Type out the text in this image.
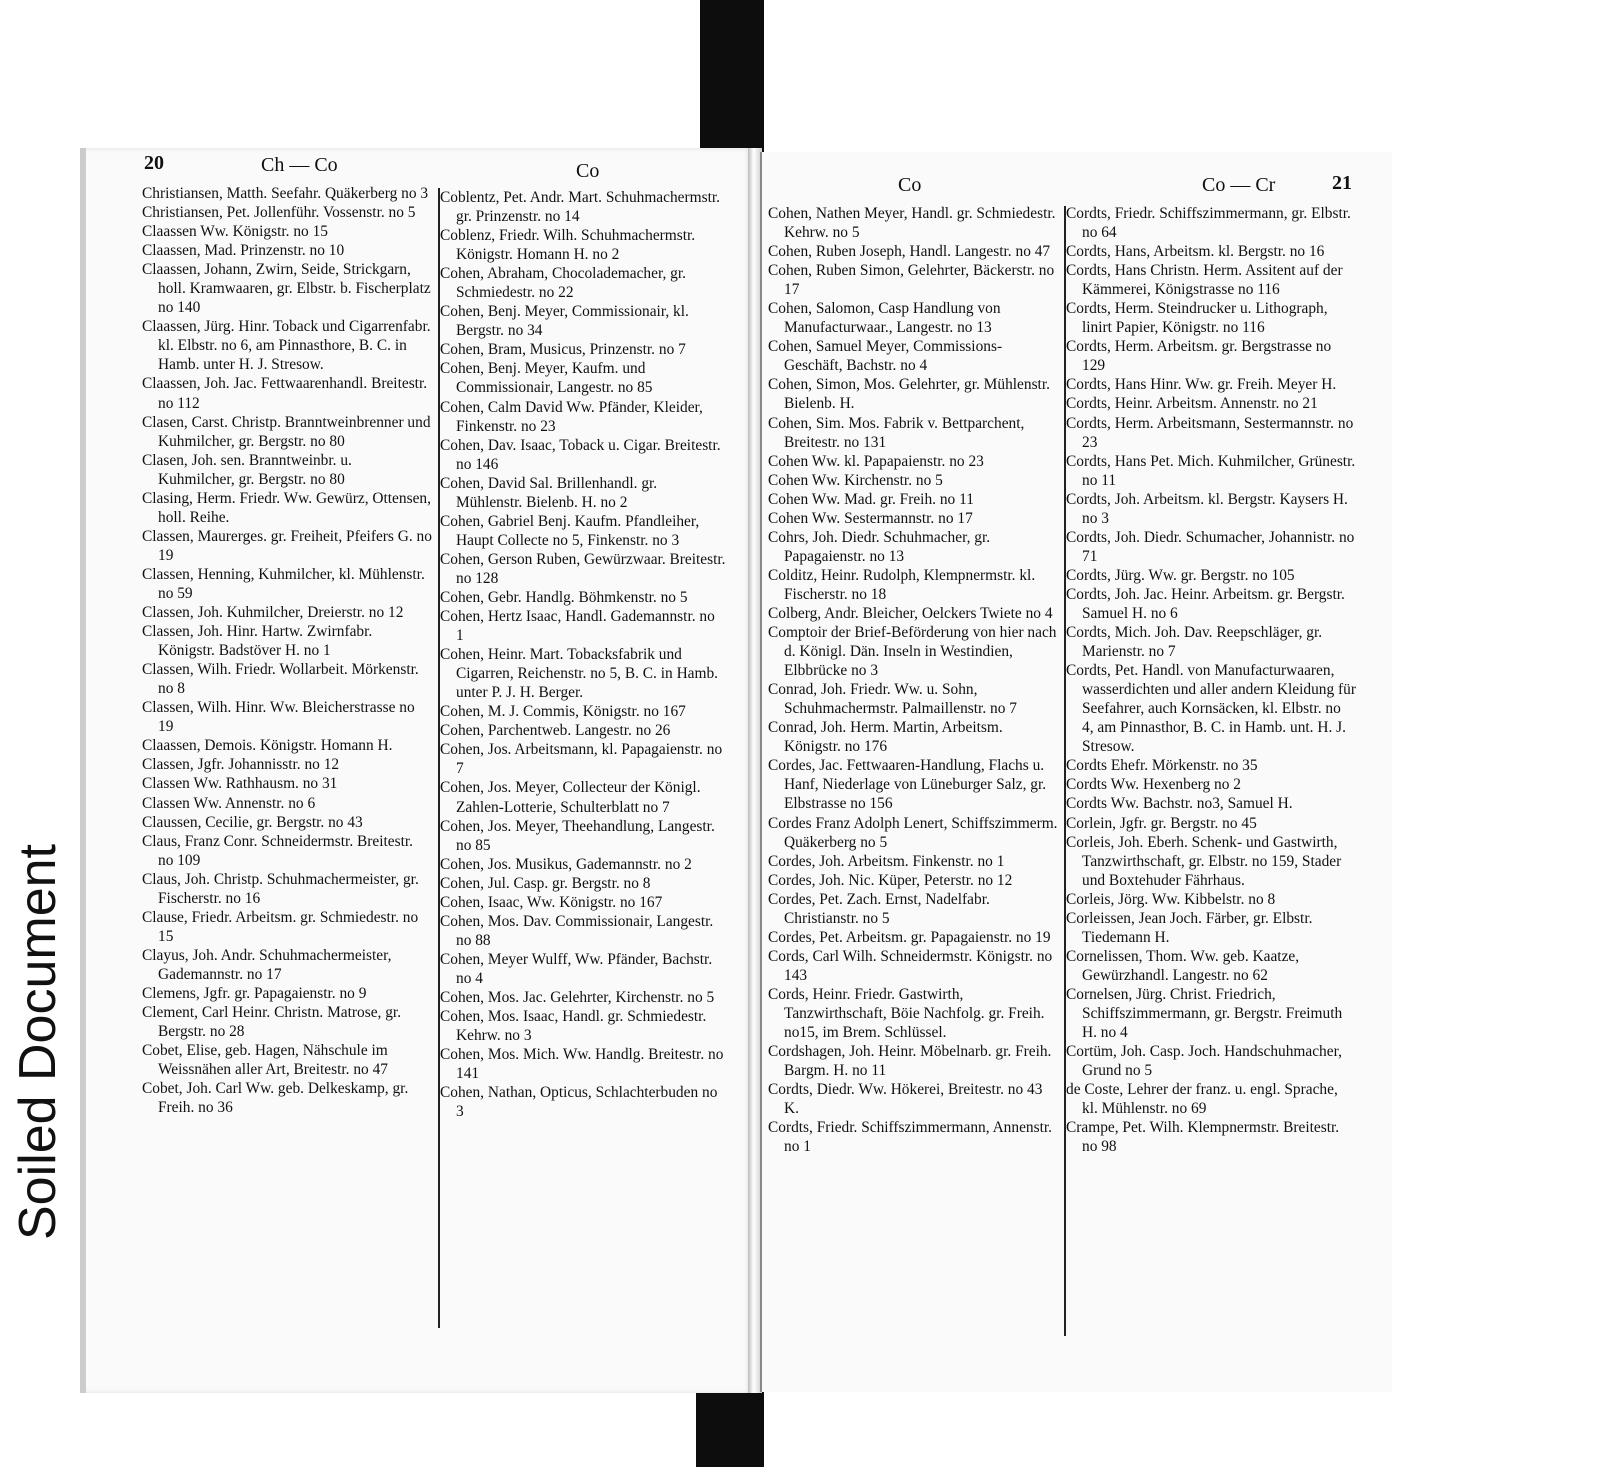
Soiled Document
20	Ch — Co	Co

Christiansen, Matth. Seefahr. Quäkerberg no 3

Christiansen, Pet. Jollenführ. Vossenstr. no 5

Claassen Ww. Königstr. no 15

Claassen, Mad. Prinzenstr. no 10

Claassen, Johann, Zwirn, Seide, Strickgarn, holl. Kramwaaren, gr. Elbstr. b. Fischerplatz no 140

Claassen, Jürg. Hinr. Toback und Cigarrenfabr. kl. Elbstr. no 6, am Pinnasthore, B. C. in Hamb. unter H. J. Stresow.

Claassen, Joh. Jac. Fettwaarenhandl. Breitestr. no 112

Clasen, Carst. Christp. Branntweinbrenner und Kuhmilcher, gr. Bergstr. no 80

Clasen, Joh. sen. Branntweinbr. u. Kuhmilcher, gr. Bergstr. no 80

Clasing, Herm. Friedr. Ww. Gewürz, Ottensen, holl. Reihe.

Classen, Maurerges. gr. Freiheit, Pfeifers G. no 19

Classen, Henning, Kuhmilcher, kl. Mühlenstr. no 59

Classen, Joh. Kuhmilcher, Dreierstr. no 12

Classen, Joh. Hinr. Hartw. Zwirnfabr. Königstr. Badstöver H. no 1

Classen, Wilh. Friedr. Wollarbeit. Mörkenstr. no 8

Classen, Wilh. Hinr. Ww. Bleicherstrasse no 19

Claassen, Demois. Königstr. Homann H.

Classen, Jgfr. Johannisstr. no 12

Classen Ww. Rathhausm. no 31

Classen Ww. Annenstr. no 6

Claussen, Cecilie, gr. Bergstr. no 43

Claus, Franz Conr. Schneidermstr. Breitestr. no 109

Claus, Joh. Christp. Schuhmachermeister, gr. Fischerstr. no 16

Clause, Friedr. Arbeitsm. gr. Schmiedestr. no 15

Clayus, Joh. Andr. Schuhmachermeister, Gademannstr. no 17

Clemens, Jgfr. gr. Papagaienstr. no 9

Clement, Carl Heinr. Christn. Matrose, gr. Bergstr. no 28

Cobet, Elise, geb. Hagen, Nähschule im Weissnähen aller Art, Breitestr. no 47

Cobet, Joh. Carl Ww. geb. Delkeskamp, gr. Freih. no 36

Coblentz, Pet. Andr. Mart. Schuhmachermstr. gr. Prinzenstr. no 14

Coblenz, Friedr. Wilh. Schuhmachermstr. Königstr. Homann H. no 2

Cohen, Abraham, Chocolademacher, gr. Schmiedestr. no 22

Cohen, Benj. Meyer, Commissionair, kl. Bergstr. no 34

Cohen, Bram, Musicus, Prinzenstr. no 7

Cohen, Benj. Meyer, Kaufm. und Commissionair, Langestr. no 85

Cohen, Calm David Ww. Pfänder, Kleider, Finkenstr. no 23

Cohen, Dav. Isaac, Toback u. Cigar. Breitestr. no 146

Cohen, David Sal. Brillenhandl. gr. Mühlenstr. Bielenb. H. no 2

Cohen, Gabriel Benj. Kaufm. Pfandleiher, Haupt Collecte no 5, Finkenstr. no 3

Cohen, Gerson Ruben, Gewürzwaar. Breitestr. no 128

Cohen, Gebr. Handlg. Böhmkenstr. no 5

Cohen, Hertz Isaac, Handl. Gademannstr. no 1

Cohen, Heinr. Mart. Tobacksfabrik und Cigarren, Reichenstr. no 5, B. C. in Hamb. unter P. J. H. Berger.

Cohen, M. J. Commis, Königstr. no 167

Cohen, Parchentweb. Langestr. no 26

Cohen, Jos. Arbeitsmann, kl. Papagaienstr. no 7

Cohen, Jos. Meyer, Collecteur der Königl. Zahlen-Lotterie, Schulterblatt no 7

Cohen, Jos. Meyer, Theehandlung, Langestr. no 85

Cohen, Jos. Musikus, Gademannstr. no 2

Cohen, Jul. Casp. gr. Bergstr. no 8

Cohen, Isaac, Ww. Königstr. no 167

Cohen, Mos. Dav. Commissionair, Langestr. no 88

Cohen, Meyer Wulff, Ww. Pfänder, Bachstr. no 4

Cohen, Mos. Jac. Gelehrter, Kirchenstr. no 5

Cohen, Mos. Isaac, Handl. gr. Schmiedestr. Kehrw. no 3

Cohen, Mos. Mich. Ww. Handlg. Breitestr. no 141

Cohen, Nathan, Opticus, Schlachterbuden no 3

Co	Co — Cr	21

Cohen, Nathen Meyer, Handl. gr. Schmiedestr. Kehrw. no 5

Cohen, Ruben Joseph, Handl. Langestr. no 47

Cohen, Ruben Simon, Gelehrter, Bäckerstr. no 17

Cohen, Salomon, Casp Handlung von Manufacturwaar., Langestr. no 13

Cohen, Samuel Meyer, Commissions-Geschäft, Bachstr. no 4

Cohen, Simon, Mos. Gelehrter, gr. Mühlenstr. Bielenb. H.

Cohen, Sim. Mos. Fabrik v. Bettparchent, Breitestr. no 131

Cohen Ww. kl. Papapaienstr. no 23

Cohen Ww. Kirchenstr. no 5

Cohen Ww. Mad. gr. Freih. no 11

Cohen Ww. Sestermannstr. no 17

Cohrs, Joh. Diedr. Schuhmacher, gr. Papagaienstr. no 13

Colditz, Heinr. Rudolph, Klempnermstr. kl. Fischerstr. no 18

Colberg, Andr. Bleicher, Oelckers Twiete no 4

Comptoir der Brief-Beförderung von hier nach d. Königl. Dän. Inseln in Westindien, Elbbrücke no 3

Conrad, Joh. Friedr. Ww. u. Sohn, Schuhmachermstr. Palmaillenstr. no 7

Conrad, Joh. Herm. Martin, Arbeitsm. Königstr. no 176

Cordes, Jac. Fettwaaren-Handlung, Flachs u. Hanf, Niederlage von Lüneburger Salz, gr. Elbstrasse no 156

Cordes Franz Adolph Lenert, Schiffszimmerm. Quäkerberg no 5

Cordes, Joh. Arbeitsm. Finkenstr. no 1

Cordes, Joh. Nic. Küper, Peterstr. no 12

Cordes, Pet. Zach. Ernst, Nadelfabr. Christianstr. no 5

Cordes, Pet. Arbeitsm. gr. Papagaienstr. no 19

Cords, Carl Wilh. Schneidermstr. Königstr. no 143

Cords, Heinr. Friedr. Gastwirth, Tanzwirthschaft, Böie Nachfolg. gr. Freih. no15, im Brem. Schlüssel.

Cordshagen, Joh. Heinr. Möbelnarb. gr. Freih. Bargm. H. no 11

Cordts, Diedr. Ww. Hökerei, Breitestr. no 43 K.

Cordts, Friedr. Schiffszimmermann, Annenstr. no 1

Cordts, Friedr. Schiffszimmermann, gr. Elbstr. no 64

Cordts, Hans, Arbeitsm. kl. Bergstr. no 16

Cordts, Hans Christn. Herm. Assitent auf der Kämmerei, Königstrasse no 116

Cordts, Herm. Steindrucker u. Lithograph, linirt Papier, Königstr. no 116

Cordts, Herm. Arbeitsm. gr. Bergstrasse no 129

Cordts, Hans Hinr. Ww. gr. Freih. Meyer H.

Cordts, Heinr. Arbeitsm. Annenstr. no 21

Cordts, Herm. Arbeitsmann, Sestermannstr. no 23

Cordts, Hans Pet. Mich. Kuhmilcher, Grünestr. no 11

Cordts, Joh. Arbeitsm. kl. Bergstr. Kaysers H. no 3

Cordts, Joh. Diedr. Schumacher, Johannistr. no 71

Cordts, Jürg. Ww. gr. Bergstr. no 105

Cordts, Joh. Jac. Heinr. Arbeitsm. gr. Bergstr. Samuel H. no 6

Cordts, Mich. Joh. Dav. Reepschläger, gr. Marienstr. no 7

Cordts, Pet. Handl. von Manufacturwaaren, wasserdichten und aller andern Kleidung für Seefahrer, auch Kornsäcken, kl. Elbstr. no 4, am Pinnasthor, B. C. in Hamb. unt. H. J. Stresow.

Cordts Ehefr. Mörkenstr. no 35

Cordts Ww. Hexenberg no 2

Cordts Ww. Bachstr. no3, Samuel H.

Corlein, Jgfr. gr. Bergstr. no 45

Corleis, Joh. Eberh. Schenk- und Gastwirth, Tanzwirthschaft, gr. Elbstr. no 159, Stader und Boxtehuder Fährhaus.

Corleis, Jörg. Ww. Kibbelstr. no 8

Corleissen, Jean Joch. Färber, gr. Elbstr. Tiedemann H.

Cornelissen, Thom. Ww. geb. Kaatze, Gewürzhandl. Langestr. no 62

Cornelsen, Jürg. Christ. Friedrich, Schiffszimmermann, gr. Bergstr. Freimuth H. no 4

Cortüm, Joh. Casp. Joch. Handschuhmacher, Grund no 5

de Coste, Lehrer der franz. u. engl. Sprache, kl. Mühlenstr. no 69

Crampe, Pet. Wilh. Klempnermstr. Breitestr. no 98
